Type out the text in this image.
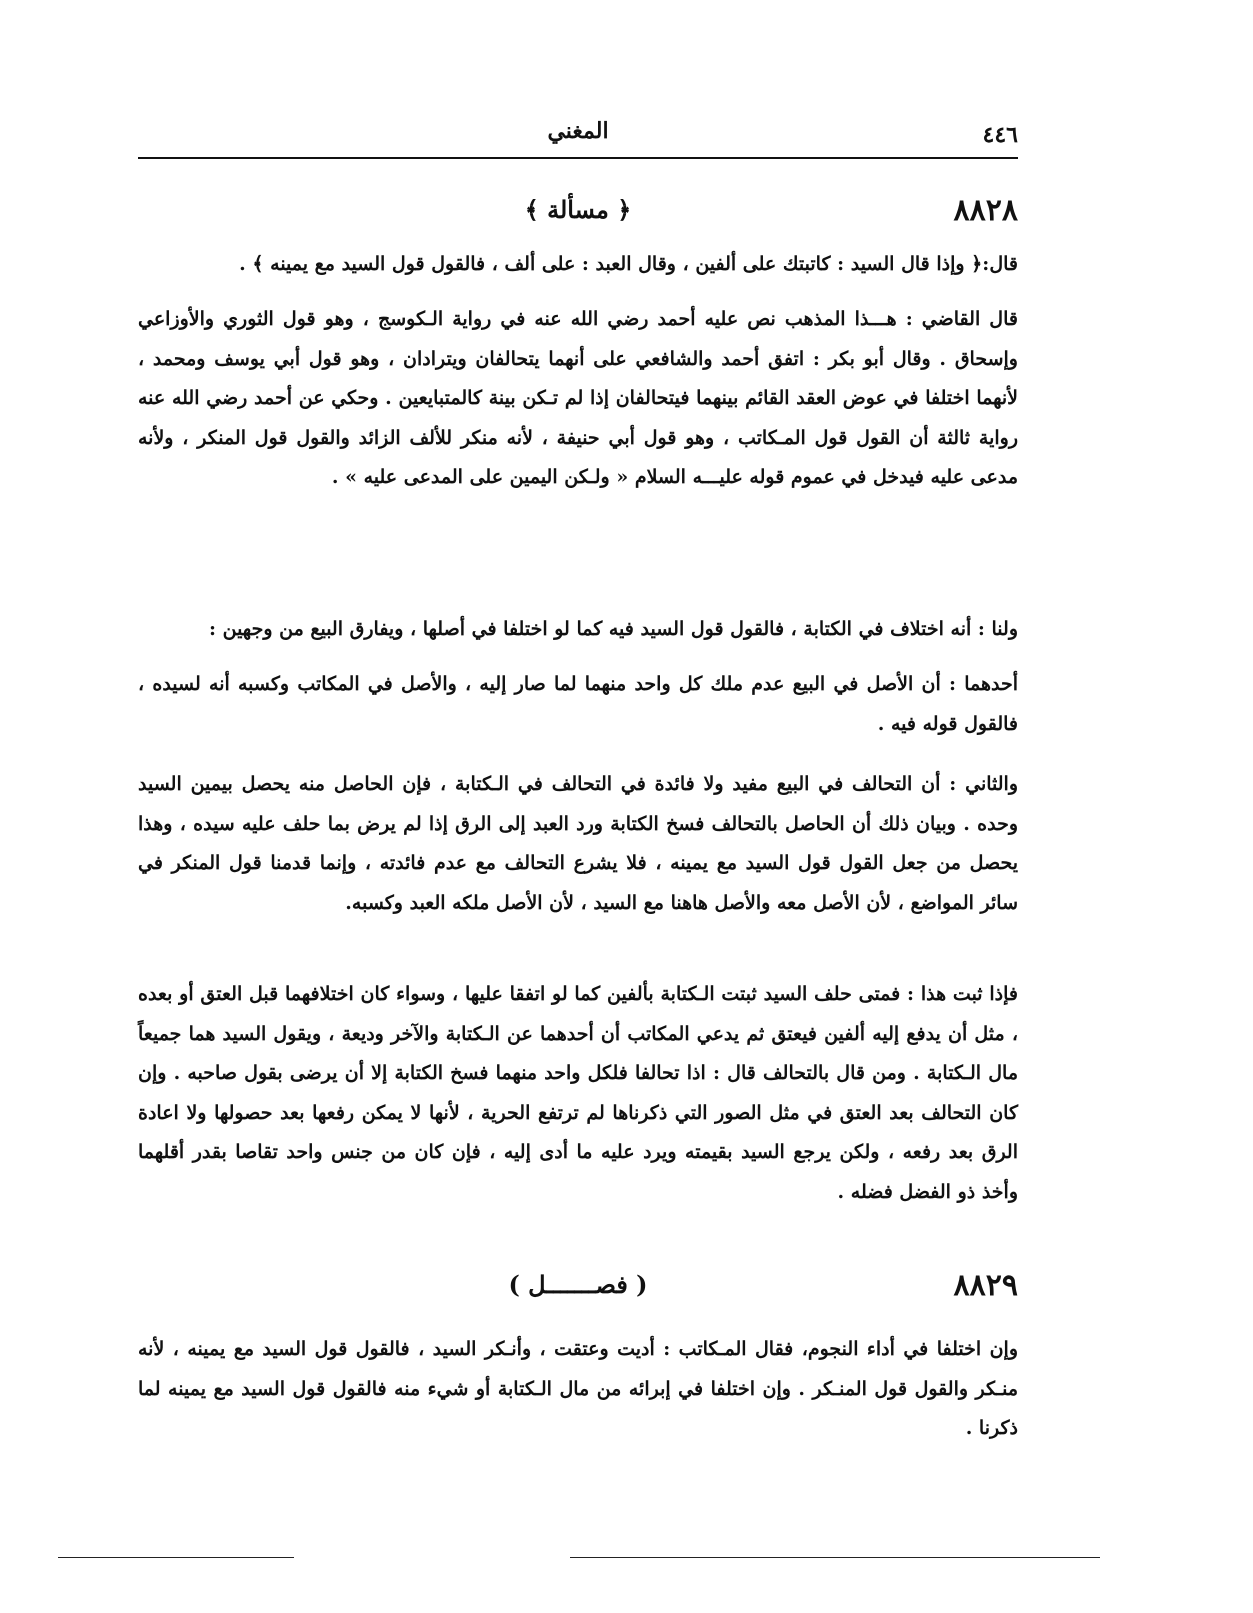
٤٤٦
المغني
٨٨٢٨
﴿ مسألة ﴾

قال:﴿ وإذا قال السيد : كاتبتك على ألفين ، وقال العبد : على ألف ، فالقول قول السيد مع يمينه ﴾ .

قال القاضي : هـــذا المذهب نص عليه أحمد رضي الله عنه في رواية الـكوسج ، وهو قول الثوري والأوزاعي وإسحاق . وقال أبو بكر : اتفق أحمد والشافعي على أنهما يتحالفان ويترادان ، وهو قول أبي يوسف ومحمد ، لأنهما اختلفا في عوض العقد القائم بينهما فيتحالفان إذا لم تـكن بينة كالمتبايعين . وحكي عن أحمد رضي الله عنه رواية ثالثة أن القول قول المـكاتب ، وهو قول أبي حنيفة ، لأنه منكر للألف الزائد والقول قول المنكر ، ولأنه مدعى عليه فيدخل في عموم قوله عليـــه السلام « ولـكن اليمين على المدعى عليه » .

ولنا : أنه اختلاف في الكتابة ، فالقول قول السيد فيه كما لو اختلفا في أصلها ، ويفارق البيع من وجهين :

أحدهما : أن الأصل في البيع عدم ملك كل واحد منهما لما صار إليه ، والأصل في المكاتب وكسبه أنه لسيده ، فالقول قوله فيه .

والثاني : أن التحالف في البيع مفيد ولا فائدة في التحالف في الـكتابة ، فإن الحاصل منه يحصل بيمين السيد وحده . وبيان ذلك أن الحاصل بالتحالف فسخ الكتابة ورد العبد إلى الرق إذا لم يرض بما حلف عليه سيده ، وهذا يحصل من جعل القول قول السيد مع يمينه ، فلا يشرع التحالف مع عدم فائدته ، وإنما قدمنا قول المنكر في سائر المواضع ، لأن الأصل معه والأصل هاهنا مع السيد ، لأن الأصل ملكه العبد وكسبه.

فإذا ثبت هذا : فمتى حلف السيد ثبتت الـكتابة بألفين كما لو اتفقا عليها ، وسواء كان اختلافهما قبل العتق أو بعده ، مثل أن يدفع إليه ألفين فيعتق ثم يدعي المكاتب أن أحدهما عن الـكتابة والآخر وديعة ، ويقول السيد هما جميعاً مال الـكتابة . ومن قال بالتحالف قال : اذا تحالفا فلكل واحد منهما فسخ الكتابة إلا أن يرضى بقول صاحبه . وإن كان التحالف بعد العتق في مثل الصور التي ذكرناها لم ترتفع الحرية ، لأنها لا يمكن رفعها بعد حصولها ولا اعادة الرق بعد رفعه ، ولكن يرجع السيد بقيمته ويرد عليه ما أدى إليه ، فإن كان من جنس واحد تقاصا بقدر أقلهما وأخذ ذو الفضل فضله .

٨٨٢٩
( فصـــــــل )

وإن اختلفا في أداء النجوم، فقال المـكاتب : أديت وعتقت ، وأنـكر السيد ، فالقول قول السيد مع يمينه ، لأنه منـكر والقول قول المنـكر . وإن اختلفا في إبرائه من مال الـكتابة أو شيء منه فالقول قول السيد مع يمينه لما ذكرنا .
